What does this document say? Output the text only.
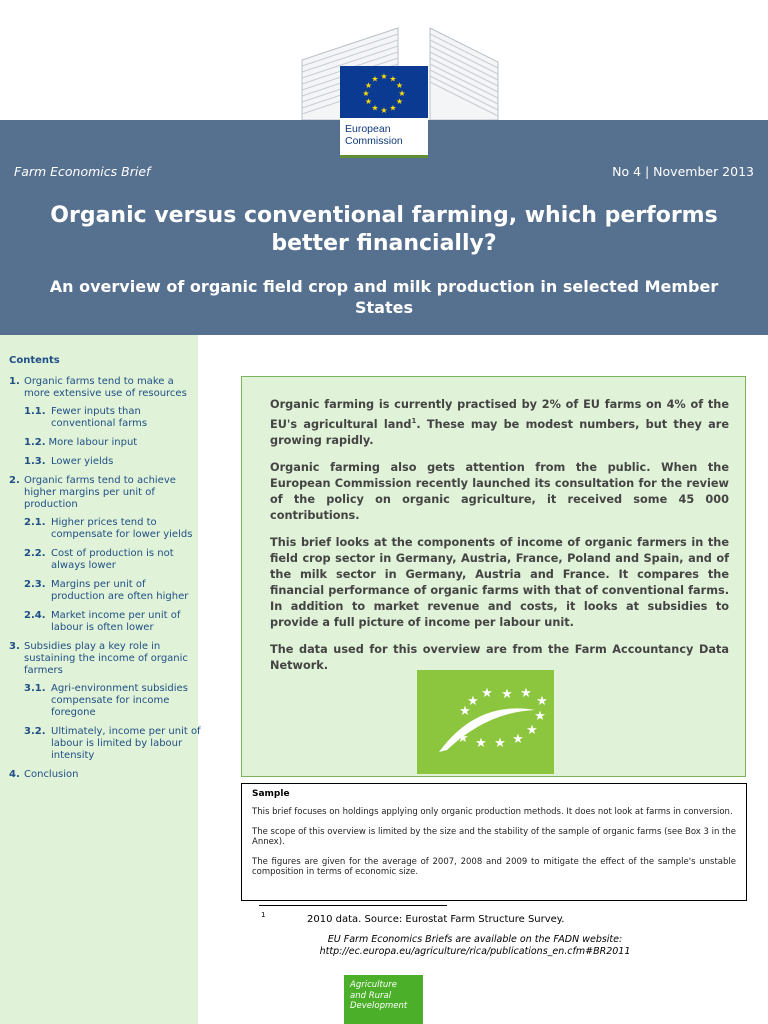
★ ★
★
★
★
★
★
★
★
★
★
★
European
Commission
Farm Economics Brief	No 4 | November 2013
Organic versus conventional farming, which performs better financially?
An overview of organic field crop and milk production in selected Member States
Contents
1. Organic farms tend to make a more extensive use of resources
1.1. Fewer inputs than conventional farms
1.2. More labour input
1.3. Lower yields
2. Organic farms tend to achieve higher margins per unit of production
2.1. Higher prices tend to compensate for lower yields
2.2. Cost of production is not always lower
2.3. Margins per unit of production are often higher
2.4. Market income per unit of labour is often lower
3. Subsidies play a key role in sustaining the income of organic farmers
3.1. Agri-environment subsidies compensate for income foregone
3.2. Ultimately, income per unit of labour is limited by labour intensity
4. Conclusion

Organic farming is currently practised by 2% of EU farms on 4% of the EU's agricultural land$^1$. These may be modest numbers, but they are growing rapidly.

Organic farming also gets attention from the public. When the European Commission recently launched its consultation for the review of the policy on organic agriculture, it received some 45 000 contributions.

This brief looks at the components of income of organic farmers in the field crop sector in Germany, Austria, France, Poland and Spain, and of the milk sector in Germany, Austria and France. It compares the financial performance of organic farms with that of conventional farms. In addition to market revenue and costs, it looks at subsidies to provide a full picture of income per labour unit.

The data used for this overview are from the Farm Accountancy Data Network.

★ ★ ★
★
★
★
★
★
★
★
★
★
Sample

This brief focuses on holdings applying only organic production methods. It does not look at farms in conversion.

The scope of this overview is limited by the size and the stability of the sample of organic farms (see Box 3 in the Annex).

The figures are given for the average of 2007, 2008 and 2009 to mitigate the effect of the sample's unstable composition in terms of economic size.

1	2010 data. Source: Eurostat Farm Structure Survey.
EU Farm Economics Briefs are available on the FADN website:
http://ec.europa.eu/agriculture/rica/publications_en.cfm#BR2011
Agriculture
and Rural
Development
